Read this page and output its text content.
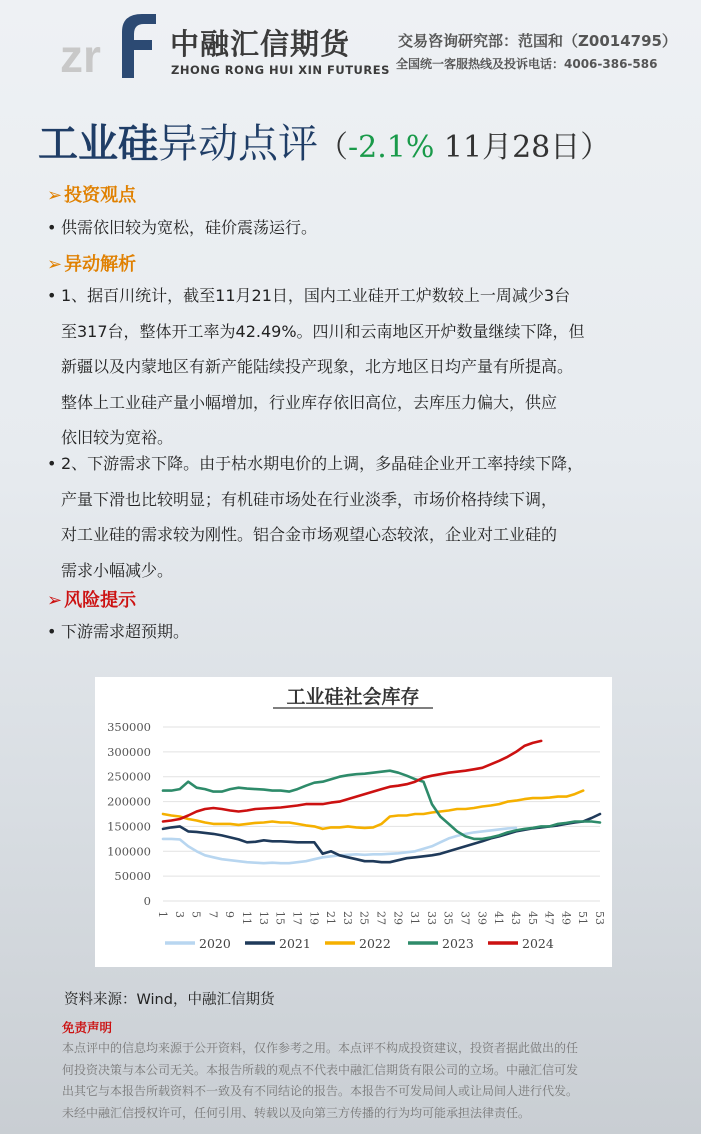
zr 中融汇信期货
ZHONG RONG HUI XIN FUTURES
交易咨询研究部：范国和（Z0014795）
全国统一客服热线及投诉电话：4006-386-586
工业硅异动点评（-2.1% 11月28日）
➢ 投资观点
• 供需依旧较为宽松，硅价震荡运行。
➢ 异动解析
• 1、据百川统计，截至11月21日，国内工业硅开工炉数较上一周减少3台
至317台，整体开工率为42.49%。四川和云南地区开炉数量继续下降，但
新疆以及内蒙地区有新产能陆续投产现象，北方地区日均产量有所提高。
整体上工业硅产量小幅增加，行业库存依旧高位，去库压力偏大，供应
依旧较为宽裕。
• 2、下游需求下降。由于枯水期电价的上调，多晶硅企业开工率持续下降，
产量下滑也比较明显；有机硅市场处在行业淡季，市场价格持续下调，
对工业硅的需求较为刚性。铝合金市场观望心态较浓，企业对工业硅的
需求小幅减少。
➢ 风险提示
• 下游需求超预期。
工业硅社会库存
0
50000
100000
150000
200000
250000
300000
350000
1 3 5 7 9 11 13 15 17 19 21 23 25 27 29 31 33 35 37 39 41 43 45 47 49 51 53
2020	2021	2022	2023	2024
资料来源：Wind，中融汇信期货
免责声明
本点评中的信息均来源于公开资料，仅作参考之用。本点评不构成投资建议，投资者据此做出的任
何投资决策与本公司无关。本报告所载的观点不代表中融汇信期货有限公司的立场。中融汇信可发
出其它与本报告所载资料不一致及有不同结论的报告。本报告不可发局间人或让局间人进行代发。
未经中融汇信授权许可，任何引用、转载以及向第三方传播的行为均可能承担法律责任。
